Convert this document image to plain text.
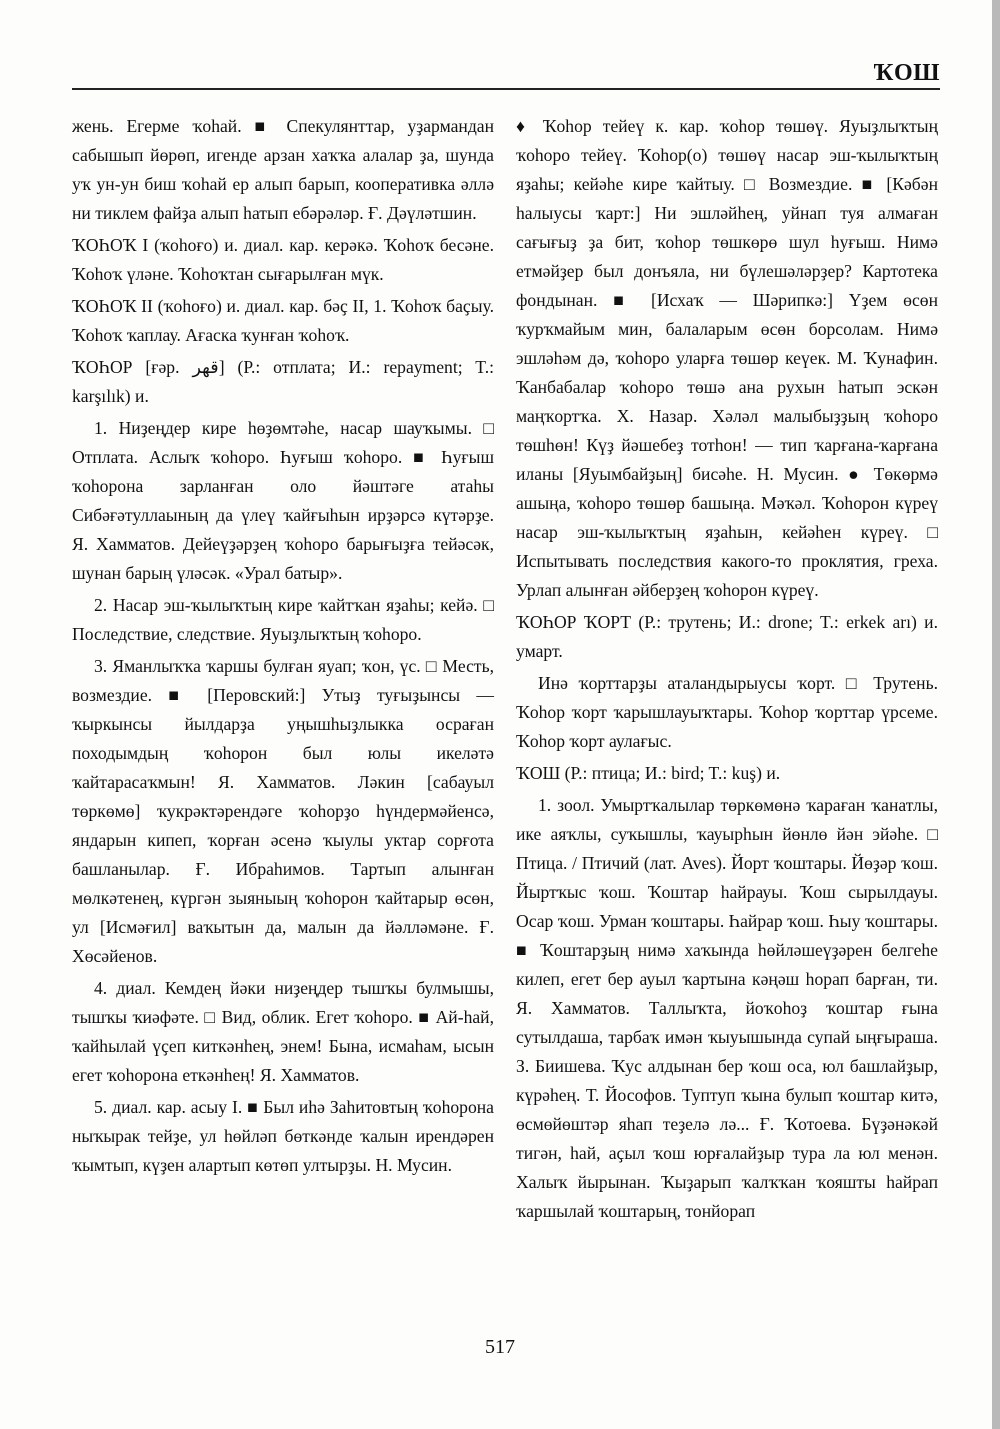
ҠОШ

жень. Егерме ҡоһай. ■ Спекулянттар, уҙармандан сабышып йөрөп, игенде арзан хаҡҡа алалар ҙа, шунда уҡ ун-ун биш ҡоһай ер алып барып, кооперативка әллә ни тиклем файҙа алып һатып ебәрәләр. Ғ. Дәүләтшин.

ҠОҺОҠ I (ҡоһоғо) и. диал. кар. керәкә. Ҡоһоҡ бесәне. Ҡоһоҡ үләне. Ҡоһоҡтан сығарылған мүк.

ҠОҺОҠ II (ҡоһоғо) и. диал. кар. бәҫ II, 1. Ҡоһоҡ баҫыу. Ҡоһоҡ ҡаплау. Ағаска ҡунған ҡоһоҡ.

ҠОҺОР [ғәр. قهر] (Р.: отплата; И.: repayment; T.: karşılık) и.

1. Ниҙеңдер кире һөҙөмтәһе, насар шауҡымы. □ Отплата. Аслыҡ ҡоһоро. Һуғыш ҡоһоро. ■ Һуғыш ҡоһорона зарланған оло йәштәге атаһы Сибәғәтуллаының да үлеү ҡайғыһын ирҙәрсә күтәрҙе. Я. Хамматов. Дейеүҙәрҙең ҡоһоро барығыҙға тейәсәк, шунан барың үләсәк. «Урал батыр».

2. Насар эш-ҡылыҡтың кире ҡайтҡан яҙаһы; кейә. □ Последствие, следствие. Яуыҙлыҡтың ҡоһоро.

3. Яманлыҡҡа ҡаршы булған яуап; ҡон, үс. □ Месть, возмездие. ■ [Перовский:] Утыҙ туғыҙынсы — ҡыркынсы йылдарҙа уңышһыҙлыкка осраған походымдың ҡоһорон был юлы икеләтә ҡайтарасаҡмын! Я. Хамматов. Ләкин [сабауыл төркөмө] ҡукрәктәрендәге ҡоһорҙо һүндермәйенсә, яндарын кипеп, ҡорған әсенә ҡыулы уктар сорғота башланылар. Ғ. Ибраһимов. Тартып алынған мөлкәтенең, күргән зыяныың ҡоһорон ҡайтарыр өсөн, ул [Исмәғил] ваҡытын да, малын да йәлләмәне. Ғ. Хөсәйенов.

4. диал. Кемдең йәки ниҙеңдер тышҡы булмышы, тышҡы ҡиәфәте. □ Вид, облик. Егет ҡоһоро. ■ Ай-һай, ҡайһылай үҫеп киткәнһең, энем! Бына, исмаһам, ысын егет ҡоһорона еткәнһең! Я. Хамматов.

5. диал. кар. асыу I. ■ Был иһә Заһитовтың ҡоһорона ныҡырак тейҙе, ул һөйләп бөткәнде ҡалын ирендәрен ҡымтып, күҙен алартып көтөп ултырҙы. Н. Мусин.

♦ Ҡоһор тейеү к. кар. ҡоһор төшөү. Яуыҙлыҡтың ҡоһоро тейеү. Ҡоһор(о) төшөү насар эш-ҡылыҡтың яҙаһы; кейәһе кире ҡайтыу. □ Возмездие. ■ [Кәбән һалыусы ҡарт:] Ни эшләйһең, уйнап туя алмаған сағығыҙ ҙа бит, ҡоһор төшкөрө шул һуғыш. Нимә етмәйҙер был донъяла, ни бүлешәләрҙер? Картотека фондынан. ■ [Исхаҡ — Шәрипкә:] Үҙем өсөн ҡурҡмайым мин, балаларым өсөн борсолам. Нимә эшләһәм дә, ҡоһоро уларға төшөр кеүек. М. Ҡунафин. Ҡанбабалар ҡоһоро төшә ана рухын һатып эскән маңҡортҡа. Х. Назар. Хәләл малыбыҙҙың ҡоһоро төшһөн! Күҙ йәшебеҙ тотһон! — тип ҡарғана-ҡарғана иланы [Яуымбайҙың] бисәһе. Н. Мусин. ● Төкөрмә ашыңа, ҡоһоро төшөр башыңа. Мәҡәл. Ҡоһорон күреү насар эш-ҡылыҡтың яҙаһын, кейәһен күреү. □ Испытывать последствия какого-то проклятия, греха. Урлап алынған әйберҙең ҡоһорон күреү.

ҠОҺОР ҠОРТ (Р.: трутень; И.: drone; T.: erkek arı) и. умарт.

Инә ҡорттарҙы аталандырыусы ҡорт. □ Трутень. Ҡоһор ҡорт ҡарышлауыҡтары. Ҡоһор ҡорттар үрсеме. Ҡоһор ҡорт аулағыс.

ҠОШ (Р.: птица; И.: bird; T.: kuş) и.

1. зоол. Умыртҡалылар төркөмөнә ҡараған ҡанатлы, ике аяҡлы, суҡышлы, ҡауырһын йөнлө йән эйәһе. □ Птица. / Птичий (лат. Aves). Йорт ҡоштары. Йөҙәр ҡош. Йыртҡыс ҡош. Ҡоштар һайрауы. Ҡош сырылдауы. Осар ҡош. Урман ҡоштары. Һайрар ҡош. Һыу ҡоштары. ■ Ҡоштарҙың нимә хаҡында һөйләшеүҙәрен белгеһе килеп, егет бер ауыл ҡартына кәңәш һорап барған, ти. Я. Хамматов. Таллыҡта, йоҡоһоҙ ҡоштар ғына сутылдаша, тарбаҡ имән ҡыуышында супай ыңғыраша. З. Биишева. Ҡус алдынан бер ҡош оса, юл башлайҙыр, күрәһең. Т. Йософов. Туптуп ҡына булып ҡоштар китә, өсмөйөштәр яһап теҙелә лә... Ғ. Ҡотоева. Бүҙәнәкәй тигән, һай, аҫыл ҡош юрғалайҙыр тура ла юл менән. Халыҡ йырынан. Ҡыҙарып ҡалҡҡан ҡояшты һайрап ҡаршылай ҡоштарың, тонйорап

517
